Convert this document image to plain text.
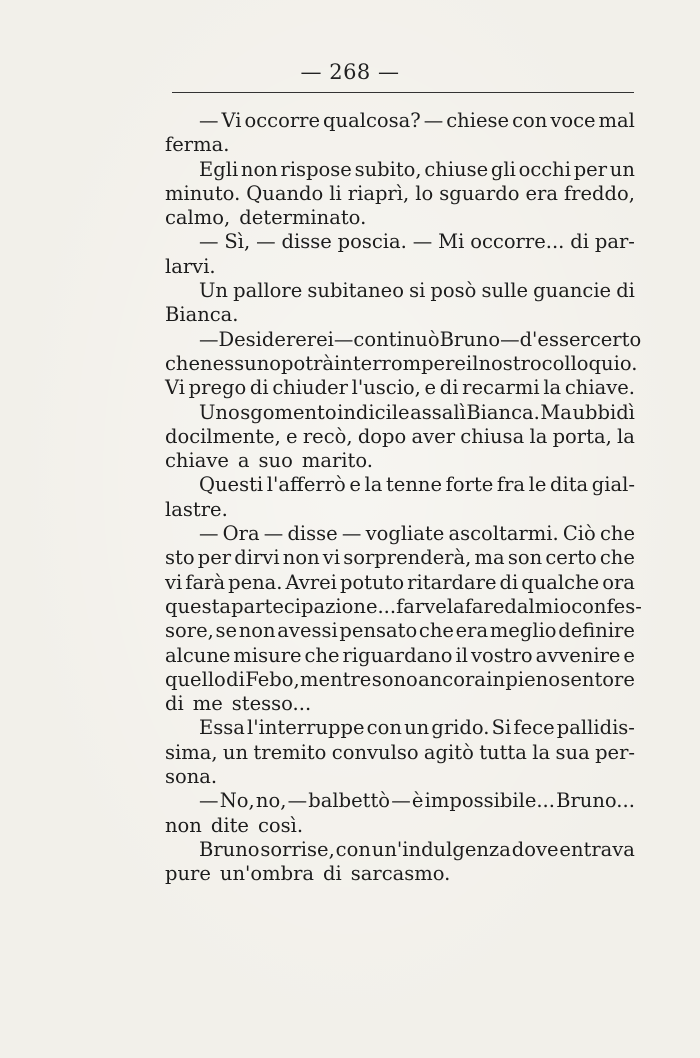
— 268 —
— Vi occorre qualcosa? — chiese con voce mal
ferma.
Egli non rispose subito, chiuse gli occhi per un
minuto. Quando li riaprì, lo sguardo era freddo,
calmo, determinato.
— Sì, — disse poscia. — Mi occorre... di par-
larvi.
Un pallore subitaneo si posò sulle guancie di
Bianca.
— Desidererei — continuò Bruno — d'esser certo
che nessuno potrà interrompere il nostro colloquio.
Vi prego di chiuder l'uscio, e di recarmi la chiave.
Uno sgomento indicile assalì Bianca. Ma ubbidì
docilmente, e recò, dopo aver chiusa la porta, la
chiave a suo marito.
Questi l'afferrò e la tenne forte fra le dita gial-
lastre.
— Ora — disse — vogliate ascoltarmi. Ciò che
sto per dirvi non vi sorprenderà, ma son certo che
vi farà pena. Avrei potuto ritardare di qualche ora
questa partecipazione... farvela fare dal mio confes-
sore, se non avessi pensato che era meglio definire
alcune misure che riguardano il vostro avvenire e
quello di Febo, mentre sono ancora in pieno sentore
di me stesso...
Essa l'interruppe con un grido. Si fece pallidis-
sima, un tremito convulso agitò tutta la sua per-
sona.
— No, no, — balbettò — è impossibile... Bruno...
non dite così.
Bruno sorrise, con un'indulgenza dove entrava
pure un'ombra di sarcasmo.
